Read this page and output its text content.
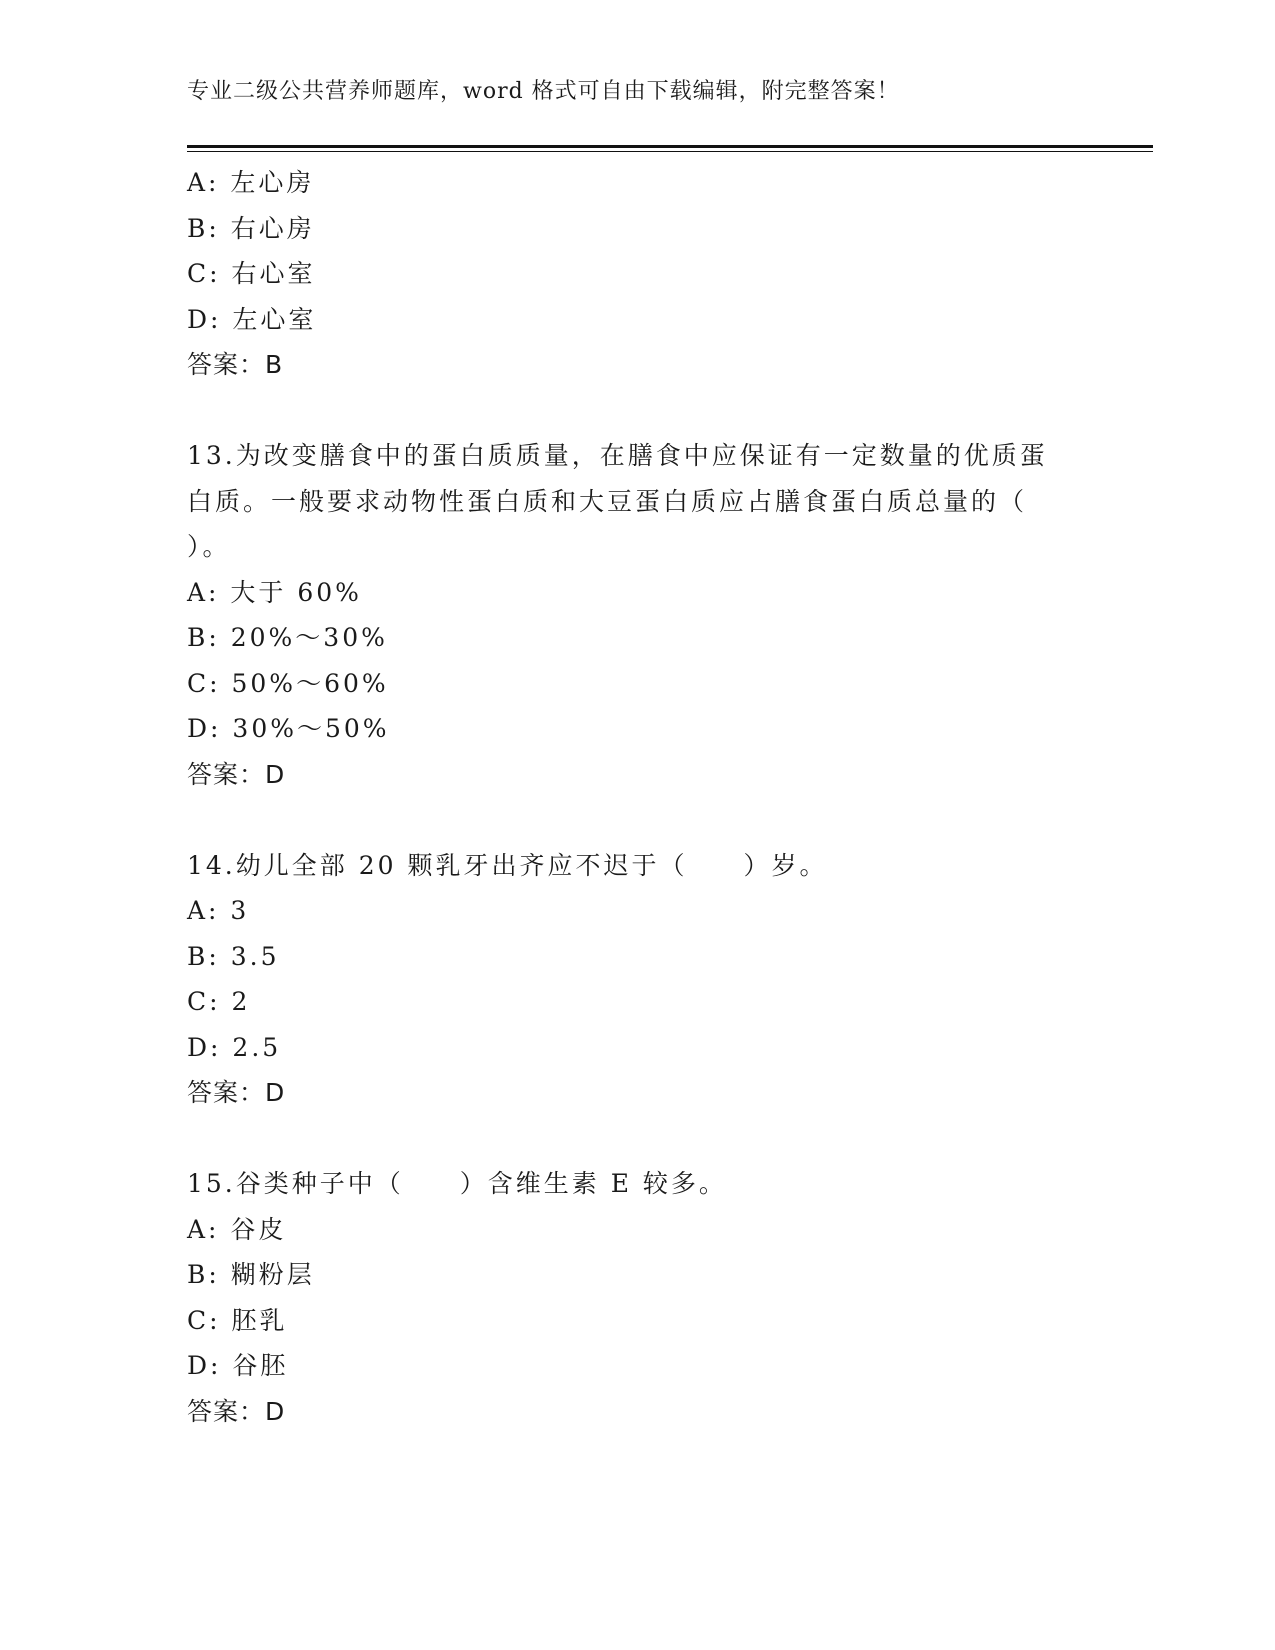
专业二级公共营养师题库，word 格式可自由下载编辑，附完整答案！
A: 左心房
B: 右心房
C: 右心室
D: 左心室
答案：B
13.为改变膳食中的蛋白质质量，在膳食中应保证有一定数量的优质蛋
白质。一般要求动物性蛋白质和大豆蛋白质应占膳食蛋白质总量的（
）。
A: 大于 60%
B: 20%～30%
C: 50%～60%
D: 30%～50%
答案：D
14.幼儿全部 20 颗乳牙出齐应不迟于（　　）岁。
A: 3
B: 3.5
C: 2
D: 2.5
答案：D
15.谷类种子中（　　）含维生素 E 较多。
A: 谷皮
B: 糊粉层
C: 胚乳
D: 谷胚
答案：D
